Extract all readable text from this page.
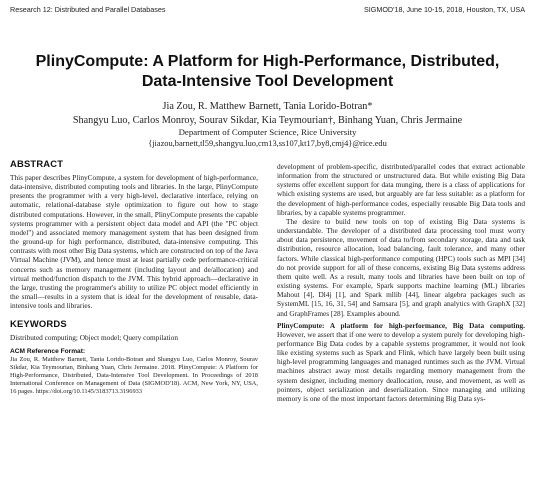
Research 12: Distributed and Parallel Databases	SIGMOD'18, June 10-15, 2018, Houston, TX, USA
PlinyCompute: A Platform for High-Performance, Distributed,
Data-Intensive Tool Development
Jia Zou, R. Matthew Barnett, Tania Lorido-Botran*
Shangyu Luo, Carlos Monroy, Sourav Sikdar, Kia Teymourian†, Binhang Yuan, Chris Jermaine
Department of Computer Science, Rice University
{jiazou,barnett,tl59,shangyu.luo,cm13,ss107,kt17,by8,cmj4}@rice.edu
ABSTRACT

This paper describes PlinyCompute, a system for development of high-performance, data-intensive, distributed computing tools and libraries. In the large, PlinyCompute presents the programmer with a very high-level, declarative interface, relying on automatic, relational-database style optimization to figure out how to stage distributed computations. However, in the small, PlinyCompute presents the capable systems programmer with a persistent object data model and API (the "PC object model") and associated memory management system that has been designed from the ground-up for high performance, distributed, data-intensive computing. This contrasts with most other Big Data systems, which are constructed on top of the Java Virtual Machine (JVM), and hence must at least partially cede performance-critical concerns such as memory management (including layout and de/allocation) and virtual method/function dispatch to the JVM. This hybrid approach—declarative in the large, trusting the programmer's ability to utilize PC object model efficiently in the small—results in a system that is ideal for the development of reusable, data-intensive tools and libraries.

KEYWORDS

Distributed computing; Object model; Query compilation

ACM Reference Format:

Jia Zou, R. Matthew Barnett, Tania Lorido-Botran and Shangyu Luo, Carlos Monroy, Sourav Sikdar, Kia Teymourian, Binhang Yuan, Chris Jermaine. 2018. PlinyCompute: A Platform for High-Performance, Distributed, Data-Intensive Tool Development. In Proceedings of 2018 International Conference on Management of Data (SIGMOD'18). ACM, New York, NY, USA, 16 pages. https://doi.org/10.1145/3183713.3196933

development of problem-specific, distributed/parallel codes that extract actionable information from the structured or unstructured data. But while existing Big Data systems offer excellent support for data munging, there is a class of applications for which existing systems are used, but arguably are far less suitable: as a platform for the development of high-performance codes, especially reusable Big Data tools and libraries, by a capable systems programmer.

The desire to build new tools on top of existing Big Data systems is understandable. The developer of a distributed data processing tool must worry about data persistence, movement of data to/from secondary storage, data and task distribution, resource allocation, load balancing, fault tolerance, and many other factors. While classical high-performance computing (HPC) tools such as MPI [34] do not provide support for all of these concerns, existing Big Data systems address them quite well. As a result, many tools and libraries have been built on top of existing systems. For example, Spark supports machine learning (ML) libraries Mahout [4], Dl4j [1], and Spark mllib [44], linear algebra packages such as SystemML [15, 16, 31, 54] and Samsara [5], and graph analytics with GraphX [32] and GraphFrames [28]. Examples abound.

PlinyCompute: A platform for high-performance, Big Data computing. However, we assert that if one were to develop a system purely for developing high-performance Big Data codes by a capable systems programmer, it would not look like existing systems such as Spark and Flink, which have largely been built using high-level programming languages and managed runtimes such as the JVM. Virtual machines abstract away most details regarding memory management from the system designer, including memory deallocation, reuse, and movement, as well as pointers, object serialization and deserialization. Since managing and utilizing memory is one of the most important factors determining Big Data sys-
